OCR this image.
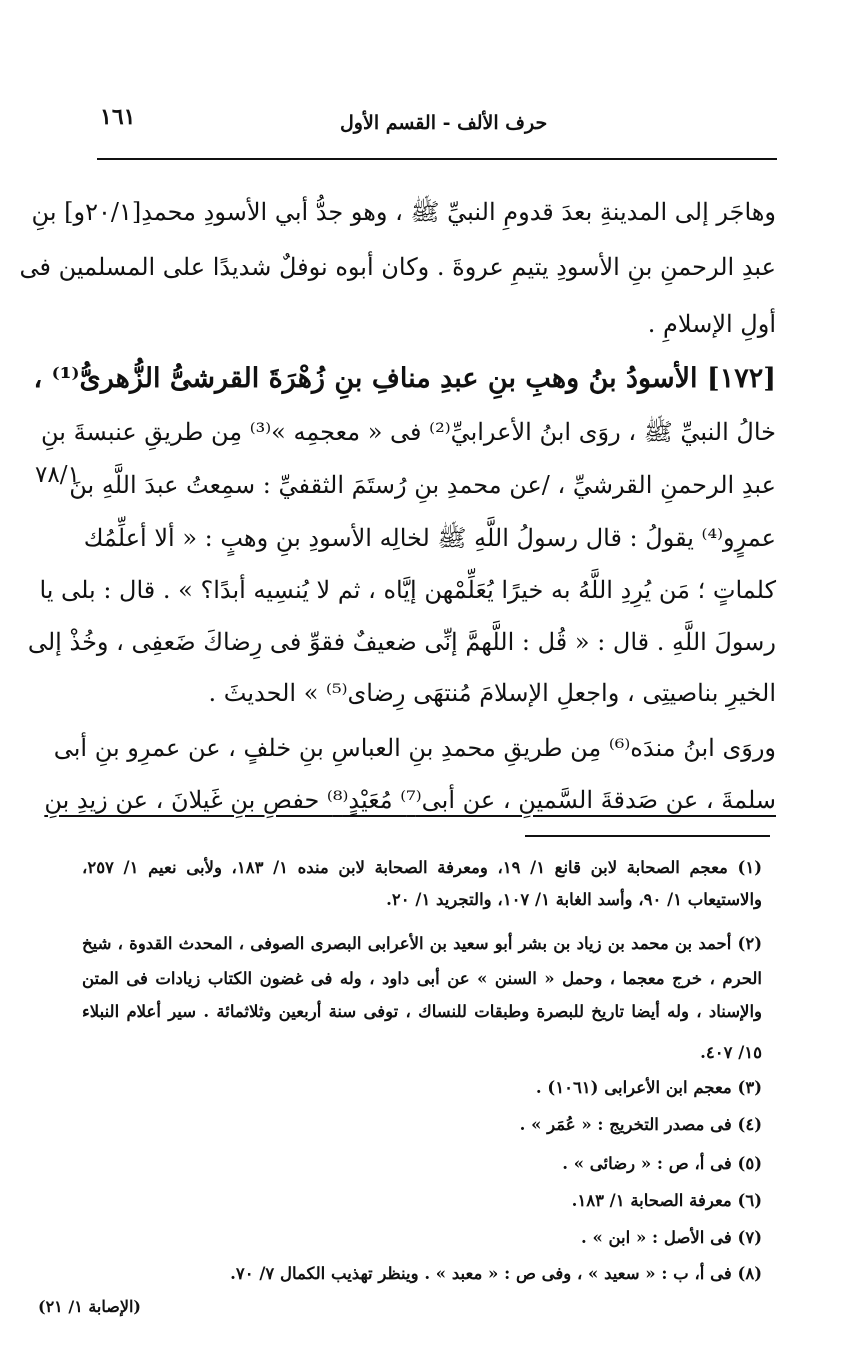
حرف الألف - القسم الأول
١٦١
وهاجَر إلى المدينةِ بعدَ قدومِ النبيِّ ﷺ ، وهو جدُّ أبي الأسودِ محمدِ[٢٠/١و] بنِ
عبدِ الرحمنِ بنِ الأسودِ يتيمِ عروةَ . وكان أبوه نوفلٌ شديدًا على المسلمين فى
أولِ الإسلامِ .
[١٧٢] الأسودُ بنُ وهبِ بنِ عبدِ منافِ بنِ زُهْرَةَ القرشىُّ الزُّهرىُّ⁽¹⁾ ،
خالُ النبيِّ ﷺ ، روَى ابنُ الأعرابيِّ⁽²⁾ فى « معجمِه »⁽³⁾ مِن طريقِ عنبسةَ بنِ
عبدِ الرحمنِ القرشيِّ ، /عن محمدِ بنِ رُستَمَ الثقفيِّ : سمِعتُ عبدَ اللَّهِ بنَ
عمرٍو⁽⁴⁾ يقولُ : قال رسولُ اللَّهِ ﷺ لخالِه الأسودِ بنِ وهبٍ : « ألا أعلِّمُك
كلماتٍ ؛ مَن يُرِدِ اللَّهُ به خيرًا يُعَلِّمْهن إيَّاه ، ثم لا يُنسِيه أبدًا؟ » . قال : بلى يا
رسولَ اللَّهِ . قال : « قُل : اللَّهمَّ إنِّى ضعيفٌ فقوِّ فى رِضاكَ ضَعفِى ، وخُذْ إلى
الخيرِ بناصيتِى ، واجعلِ الإسلامَ مُنتهَى رِضاى⁽⁵⁾ » الحديثَ .
وروَى ابنُ مندَه⁽⁶⁾ مِن طريقِ محمدِ بنِ العباسِ بنِ خلفٍ ، عن عمرِو بنِ أبى
سلمةَ ، عن صَدقةَ السَّمينِ ، عن أبى⁽⁷⁾ مُعَيْدٍ⁽⁸⁾ حفصِ بنِ غَيلانَ ، عن زيدِ بنِ
٧٨/١
(١) معجم الصحابة لابن قانع ١/ ١٩، ومعرفة الصحابة لابن منده ١/ ١٨٣، ولأبى نعيم ١/ ٢٥٧،
والاستيعاب ١/ ٩٠، وأسد الغابة ١/ ١٠٧، والتجريد ١/ ٢٠.
(٢) أحمد بن محمد بن زياد بن بشر أبو سعيد بن الأعرابى البصرى الصوفى ، المحدث القدوة ، شيخ
الحرم ، خرج معجما ، وحمل « السنن » عن أبى داود ، وله فى غضون الكتاب زيادات فى المتن
والإسناد ، وله أيضا تاريخ للبصرة وطبقات للنساك ، توفى سنة أربعين وثلاثمائة . سير أعلام النبلاء
١٥/ ٤٠٧.
(٣) معجم ابن الأعرابى (١٠٦١) .
(٤) فى مصدر التخريج : « عُمَر » .
(٥) فى أ، ص : « رضائى » .
(٦) معرفة الصحابة ١/ ١٨٣.
(٧) فى الأصل : « ابن » .
(٨) فى أ، ب : « سعيد » ، وفى ص : « معبد » . وينظر تهذيب الكمال ٧/ ٧٠.
(الإصابة ١/ ٢١)
